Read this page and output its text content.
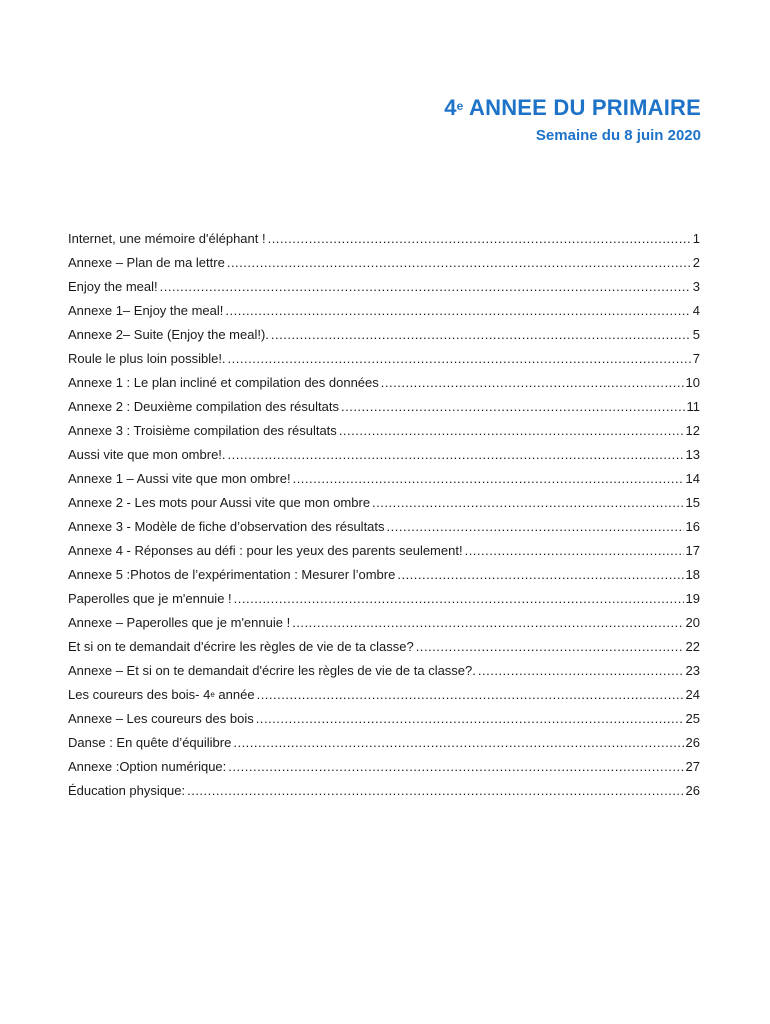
4e ANNEE DU PRIMAIRE
Semaine du 8 juin 2020
Internet, une mémoire d'éléphant ! .....	1
Annexe – Plan de ma lettre .....	2
Enjoy the meal! .....	3
Annexe 1– Enjoy the meal! .....	4
Annexe 2– Suite (Enjoy the meal!). .....	5
Roule le plus loin possible!. .....	7
Annexe 1 : Le plan incliné et compilation des données .....	10
Annexe 2 : Deuxième compilation des résultats .....	11
Annexe 3 : Troisième compilation des résultats .....	12
Aussi vite que mon ombre!. .....	13
Annexe 1 – Aussi vite que mon ombre! .....	14
Annexe 2 - Les mots pour Aussi vite que mon ombre .....	15
Annexe 3 - Modèle de fiche d’observation des résultats .....	16
Annexe 4 - Réponses au défi : pour les yeux des parents seulement! .....	17
Annexe 5 :Photos de l’expérimentation : Mesurer l’ombre .....	18
Paperolles que je m'ennuie ! .....	19
Annexe – Paperolles que je m'ennuie ! .....	20
Et si on te demandait d'écrire les règles de vie de ta classe? .....	22
Annexe – Et si on te demandait d'écrire les règles de vie de ta classe?. .....	23
Les coureurs des bois- 4e année .....	24
Annexe – Les coureurs des bois .....	25
Danse : En quête d’équilibre .....	26
Annexe :Option numérique: .....	27
Éducation physique: .....	26
